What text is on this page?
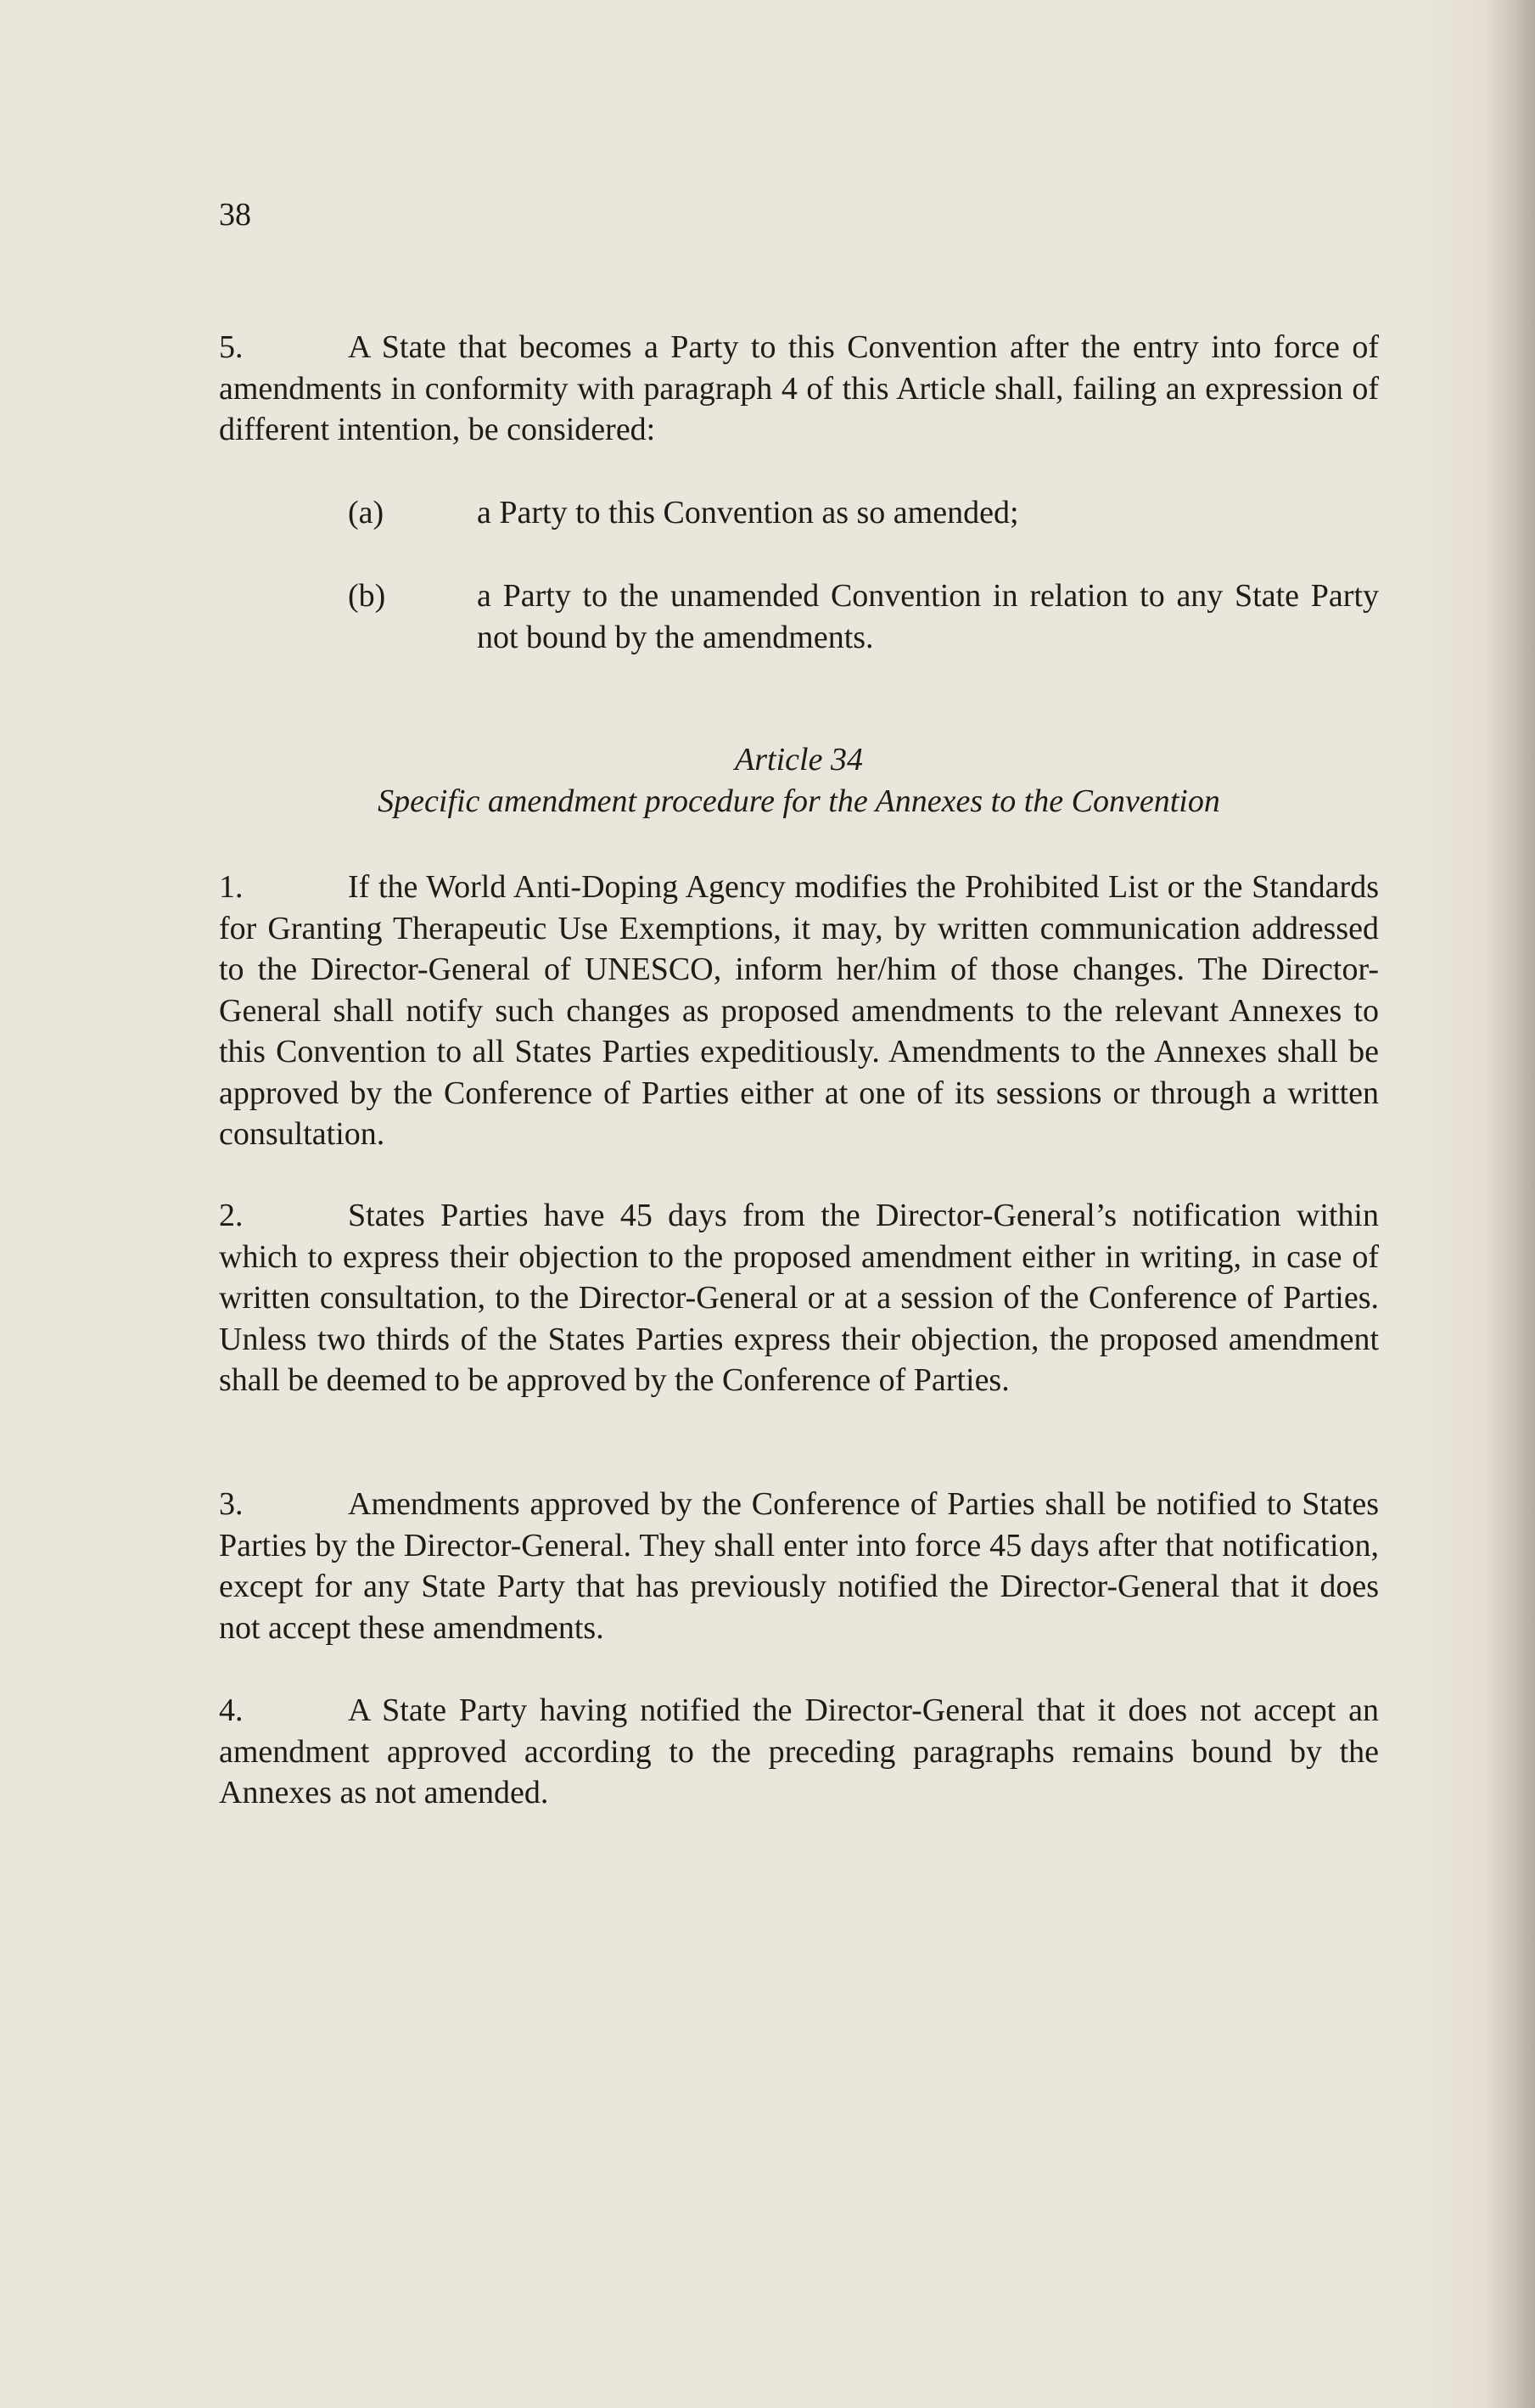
38
5.	A State that becomes a Party to this Convention after the entry into force of amendments in conformity with paragraph 4 of this Article shall, failing an expression of different intention, be considered:
(a)	a Party to this Convention as so amended;
(b)	a Party to the unamended Convention in relation to any State Party not bound by the amendments.
Article 34
Specific amendment procedure for the Annexes to the Convention
1.	If the World Anti-Doping Agency modifies the Prohibited List or the Standards for Granting Therapeutic Use Exemptions, it may, by written communication addressed to the Director-General of UNESCO, inform her/him of those changes. The Director-General shall notify such changes as proposed amendments to the relevant Annexes to this Convention to all States Parties expeditiously. Amendments to the Annexes shall be approved by the Conference of Parties either at one of its sessions or through a written consultation.
2.	States Parties have 45 days from the Director-General’s notification within which to express their objection to the proposed amendment either in writing, in case of written consultation, to the Director-General or at a session of the Conference of Parties. Unless two thirds of the States Parties express their objection, the proposed amendment shall be deemed to be approved by the Conference of Parties.
3.	Amendments approved by the Conference of Parties shall be notified to States Parties by the Director-General. They shall enter into force 45 days after that notification, except for any State Party that has previously notified the Director-General that it does not accept these amendments.
4.	A State Party having notified the Director-General that it does not accept an amendment approved according to the preceding paragraphs remains bound by the Annexes as not amended.
